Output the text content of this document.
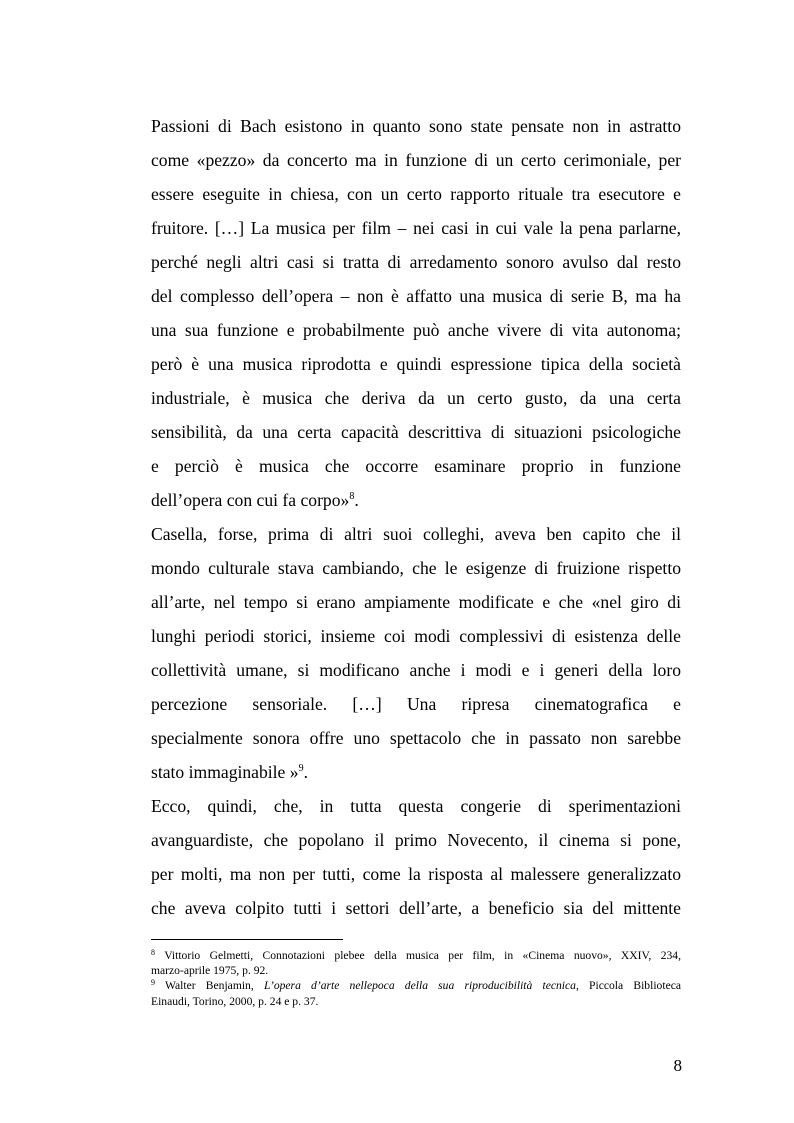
Passioni di Bach esistono in quanto sono state pensate non in astratto
come «pezzo» da concerto ma in funzione di un certo cerimoniale, per
essere eseguite in chiesa, con un certo rapporto rituale tra esecutore e
fruitore. […] La musica per film – nei casi in cui vale la pena parlarne,
perché negli altri casi si tratta di arredamento sonoro avulso dal resto
del complesso dell’opera – non è affatto una musica di serie B, ma ha
una sua funzione e probabilmente può anche vivere di vita autonoma;
però è una musica riprodotta e quindi espressione tipica della società
industriale, è musica che deriva da un certo gusto, da una certa
sensibilità, da una certa capacità descrittiva di situazioni psicologiche
e perciò è musica che occorre esaminare proprio in funzione
dell’opera con cui fa corpo»$^8$.
Casella, forse, prima di altri suoi colleghi, aveva ben capito che il
mondo culturale stava cambiando, che le esigenze di fruizione rispetto
all’arte, nel tempo si erano ampiamente modificate e che «nel giro di
lunghi periodi storici, insieme coi modi complessivi di esistenza delle
collettività umane, si modificano anche i modi e i generi della loro
percezione sensoriale. […] Una ripresa cinematografica e
specialmente sonora offre uno spettacolo che in passato non sarebbe
stato immaginabile »$^9$.
Ecco, quindi, che, in tutta questa congerie di sperimentazioni
avanguardiste, che popolano il primo Novecento, il cinema si pone,
per molti, ma non per tutti, come la risposta al malessere generalizzato
che aveva colpito tutti i settori dell’arte, a beneficio sia del mittente
$^8$ Vittorio Gelmetti, Connotazioni plebee della musica per film, in «Cinema nuovo», XXIV, 234,
marzo-aprile 1975, p. 92.
$^9$ Walter Benjamin, L’opera d’arte nellepoca della sua riproducibilità tecnica, Piccola Biblioteca
Einaudi, Torino, 2000, p. 24 e p. 37.
8
